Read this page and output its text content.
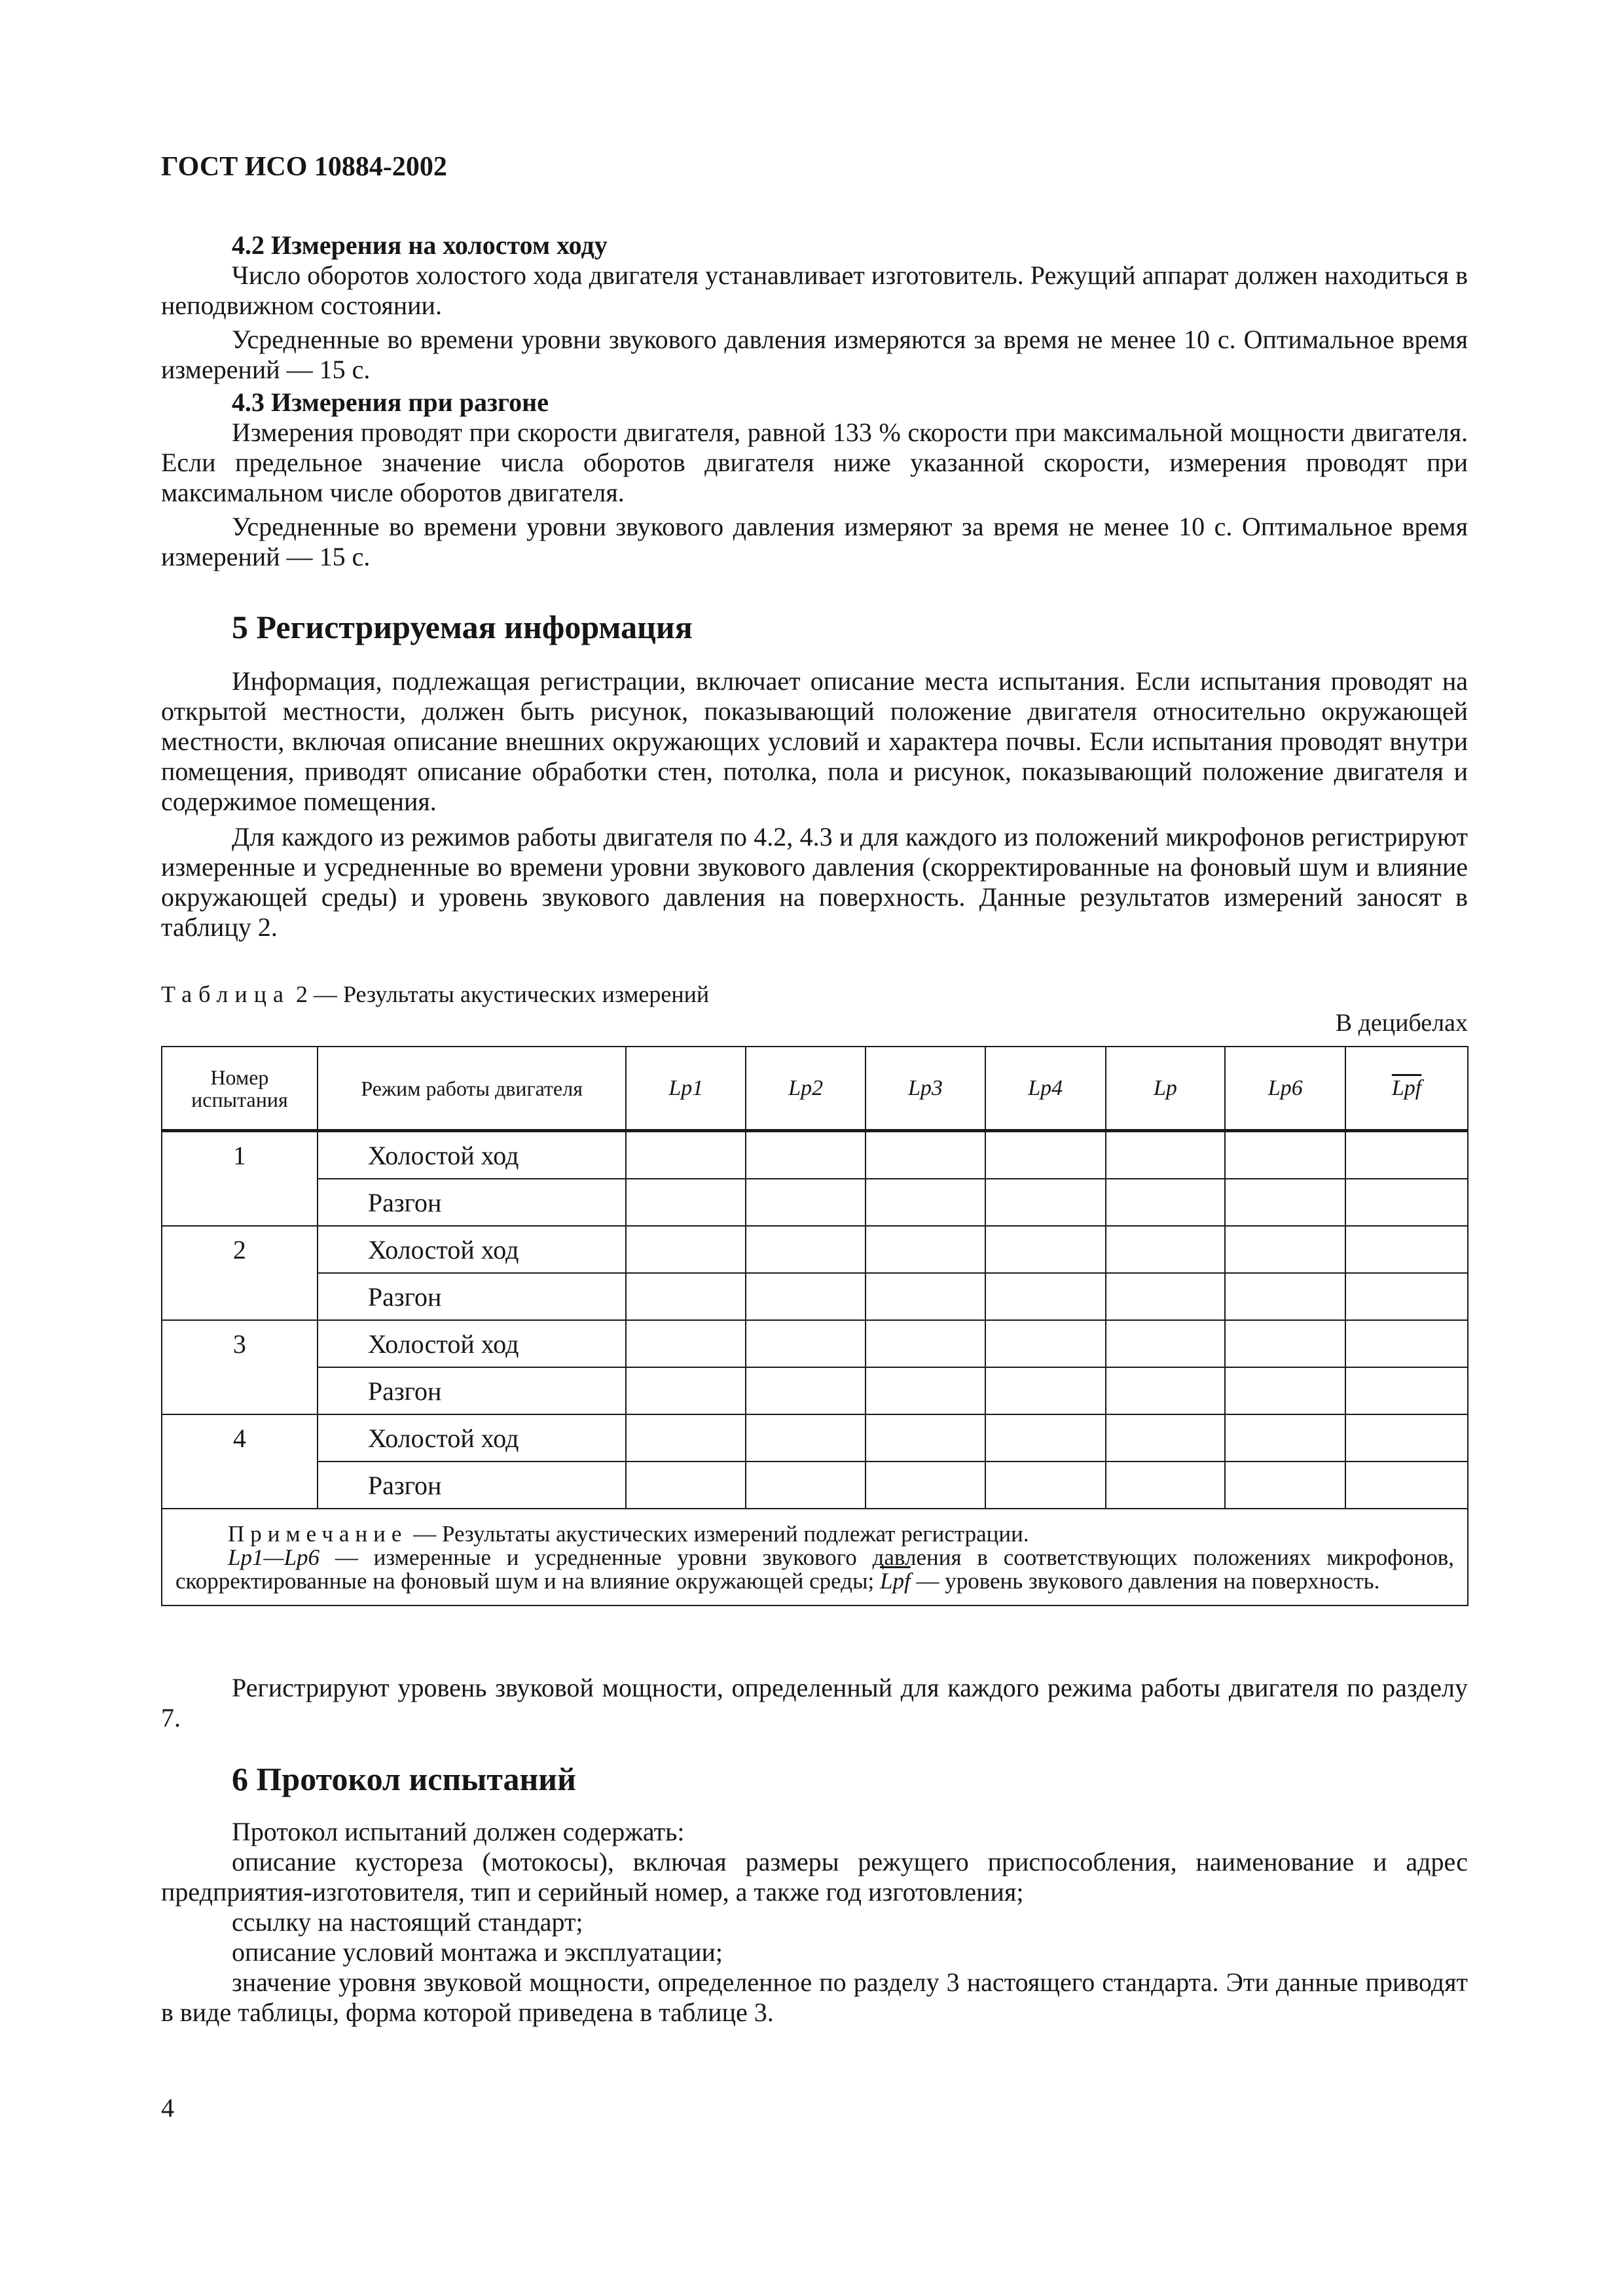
ГОСТ ИСО 10884-2002

4.2 Измерения на холостом ходу

Число оборотов холостого хода двигателя устанавливает изготовитель. Режущий аппарат должен находиться в неподвижном состоянии.

Усредненные во времени уровни звукового давления измеряются за время не менее 10 с. Оптимальное время измерений — 15 с.

4.3 Измерения при разгоне

Измерения проводят при скорости двигателя, равной 133 % скорости при максимальной мощности двигателя. Если предельное значение числа оборотов двигателя ниже указанной скорости, измерения проводят при максимальном числе оборотов двигателя.

Усредненные во времени уровни звукового давления измеряют за время не менее 10 с. Оптимальное время измерений — 15 с.

5 Регистрируемая информация

Информация, подлежащая регистрации, включает описание места испытания. Если испытания проводят на открытой местности, должен быть рисунок, показывающий положение двигателя относительно окружающей местности, включая описание внешних окружающих условий и характера почвы. Если испытания проводят внутри помещения, приводят описание обработки стен, потолка, пола и рисунок, показывающий положение двигателя и содержимое помещения.

Для каждого из режимов работы двигателя по 4.2, 4.3 и для каждого из положений микрофонов регистрируют измеренные и усредненные во времени уровни звукового давления (скорректированные на фоновый шум и влияние окружающей среды) и уровень звукового давления на поверхность. Данные результатов измерений заносят в таблицу 2.

Таблица 2 — Результаты акустических измерений
В децибелах
Номер испытания	Режим работы двигателя	Lp1	Lp2	Lp3	Lp4	Lp	Lp6	$\overline{Lpf}$
1	Холостой ход							
	Разгон							
2	Холостой ход							
	Разгон							
3	Холостой ход							
	Разгон							
4	Холостой ход							
	Разгон							

Примечание — Результаты акустических измерений подлежат регистрации.

Lp1—Lp6 — измеренные и усредненные уровни звукового давления в соответствующих положениях микрофонов, скорректированные на фоновый шум и на влияние окружающей среды; $\overline{Lpf}$ — уровень звукового давления на поверхность.								

Регистрируют уровень звуковой мощности, определенный для каждого режима работы двигателя по разделу 7.

6 Протокол испытаний

Протокол испытаний должен содержать:

описание кустореза (мотокосы), включая размеры режущего приспособления, наименование и адрес предприятия-изготовителя, тип и серийный номер, а также год изготовления;

ссылку на настоящий стандарт;

описание условий монтажа и эксплуатации;

значение уровня звуковой мощности, определенное по разделу 3 настоящего стандарта. Эти данные приводят в виде таблицы, форма которой приведена в таблице 3.

4
